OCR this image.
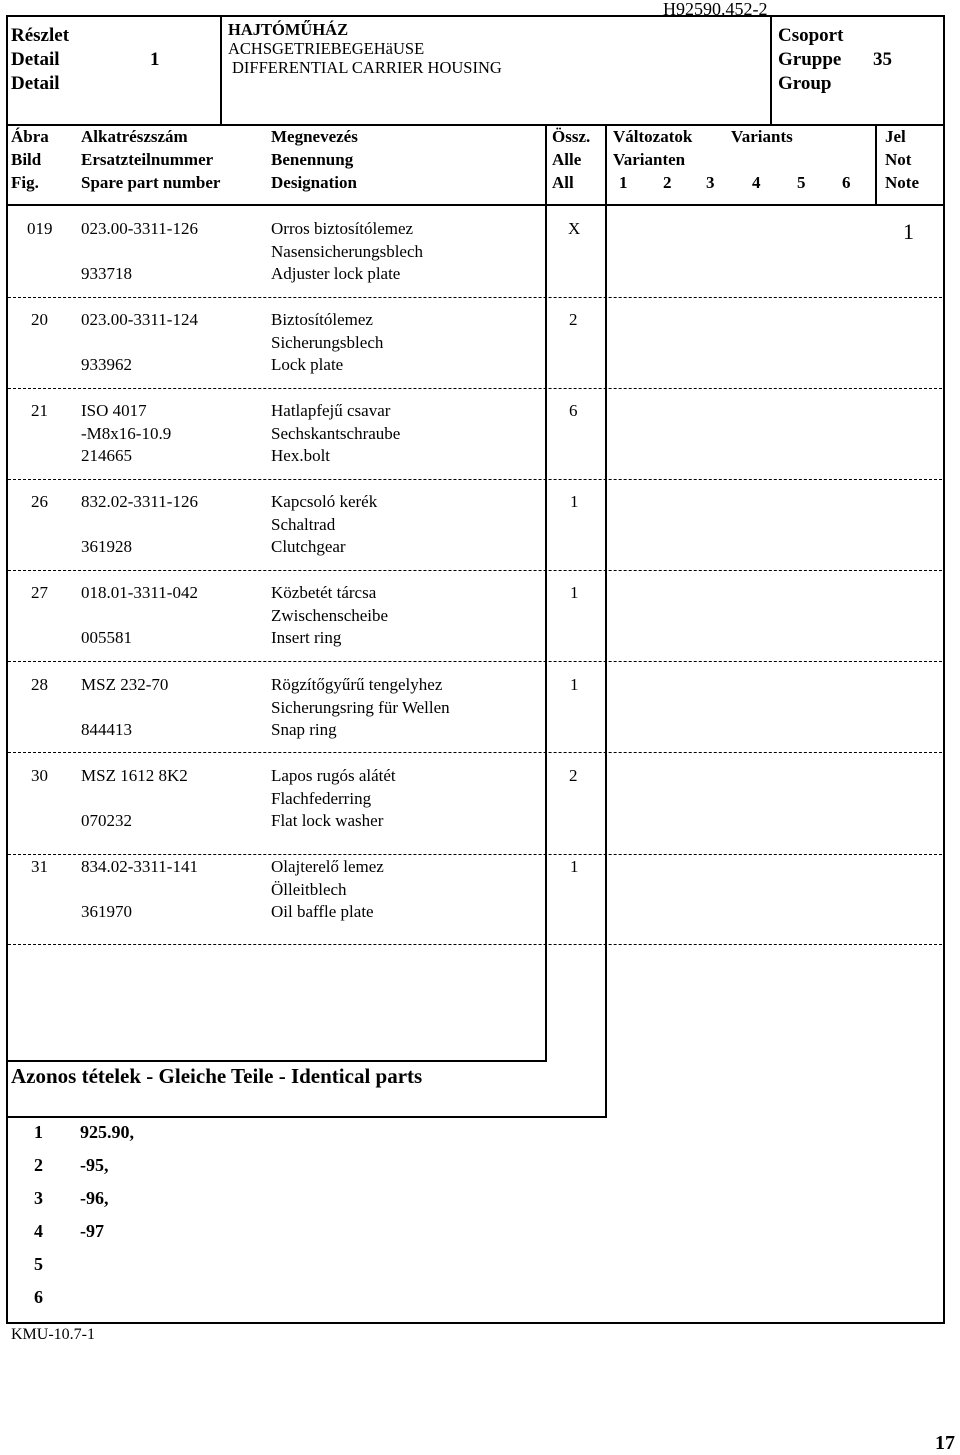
H92590.452-2
Részlet
Detail
Detail
1
HAJTÓMŰHÁZ
ACHSGETRIEBEGEHäUSE
DIFFERENTIAL CARRIER HOUSING
Csoport
Gruppe
Group
35
Ábra
Bild
Fig.
Alkatrészszám
Ersatzteilnummer
Spare part number
Megnevezés
Benennung
Designation
Össz.
Alle
All
Változatok Variants
Varianten
1 2 3 4 5 6
Jel
Not
Note
019 023.00-3311-126
933718
Orros biztosítólemez
Nasensicherungsblech
Adjuster lock plate
X	1
20 023.00-3311-124
933962
Biztosítólemez
Sicherungsblech
Lock plate
2
21 ISO 4017
-M8x16-10.9
214665
Hatlapfejű csavar
Sechskantschraube
Hex.bolt
6
26 832.02-3311-126
361928
Kapcsoló kerék
Schaltrad
Clutchgear
1
27 018.01-3311-042
005581
Közbetét tárcsa
Zwischenscheibe
Insert ring
1
28 MSZ 232-70
844413
Rögzítőgyűrű tengelyhez
Sicherungsring für Wellen
Snap ring
1
30 MSZ 1612 8K2
070232
Lapos rugós alátét
Flachfederring
Flat lock washer
2
31 834.02-3311-141
361970
Olajterelő lemez
Ölleitblech
Oil baffle plate
1
Azonos tételek - Gleiche Teile - Identical parts
1 925.90, -95, -96, -97
2
3
4
5
6
KMU-10.7-1
17
